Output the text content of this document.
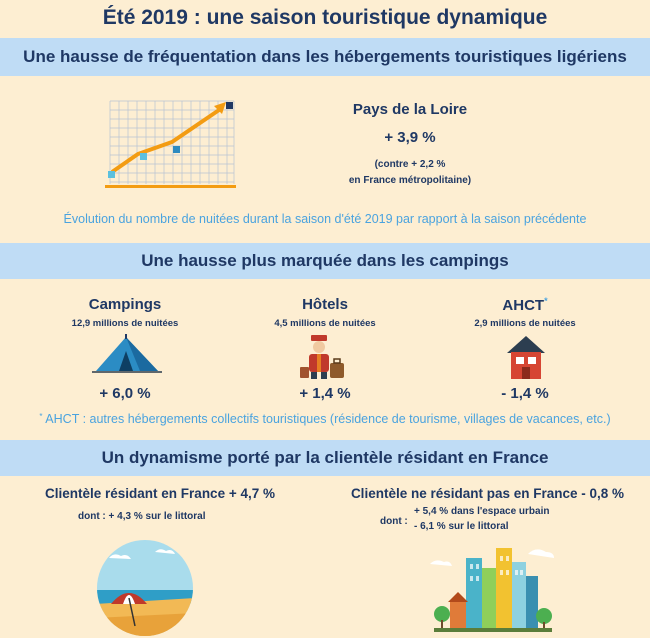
Été 2019 : une saison touristique dynamique
Une hausse de fréquentation dans les hébergements touristiques ligériens
Pays de la Loire
+ 3,9 %
(contre + 2,2 %
en France métropolitaine)
Évolution du nombre de nuitées durant la saison d'été 2019 par rapport à la saison précédente
Une hausse plus marquée dans les campings
Campings
12,9 millions de nuitées
+ 6,0 %
Hôtels
4,5 millions de nuitées
+ 1,4 %
AHCT*
2,9 millions de nuitées
- 1,4 %
* AHCT : autres hébergements collectifs touristiques (résidence de tourisme, villages de vacances, etc.)
Un dynamisme porté par la clientèle résidant en France
Clientèle résidant en France + 4,7 %
dont : + 4,3 % sur le littoral
Clientèle ne résidant pas en France - 0,8 %
dont :
+ 5,4 % dans l'espace urbain
- 6,1 % sur le littoral
